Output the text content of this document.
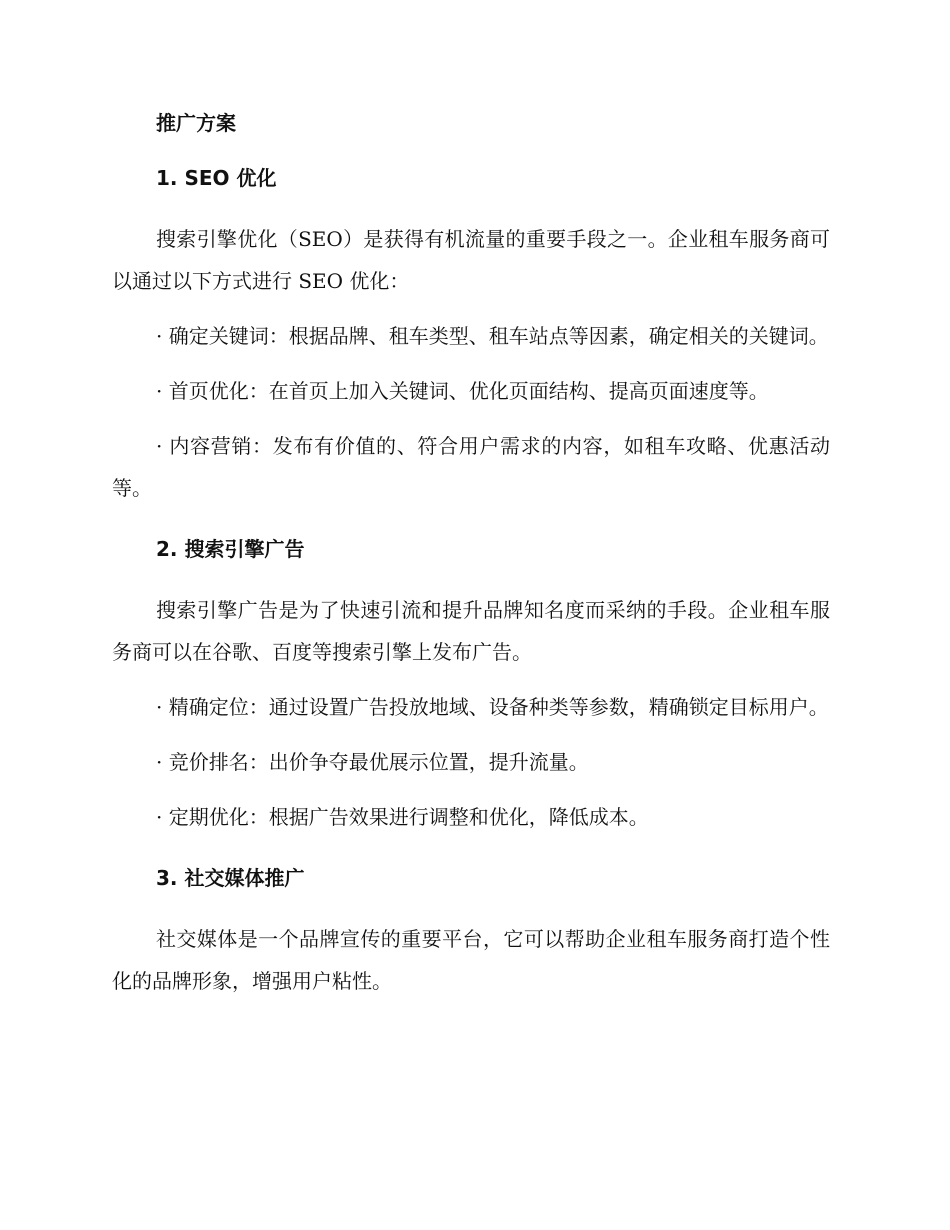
推广方案
1. SEO 优化

搜索引擎优化（SEO）是获得有机流量的重要手段之一。企业租车服务商可以通过以下方式进行 SEO 优化：

· 确定关键词：根据品牌、租车类型、租车站点等因素，确定相关的关键词。

· 首页优化：在首页上加入关键词、优化页面结构、提高页面速度等。

· 内容营销：发布有价值的、符合用户需求的内容，如租车攻略、优惠活动等。

2. 搜索引擎广告

搜索引擎广告是为了快速引流和提升品牌知名度而采纳的手段。企业租车服务商可以在谷歌、百度等搜索引擎上发布广告。

· 精确定位：通过设置广告投放地域、设备种类等参数，精确锁定目标用户。

· 竞价排名：出价争夺最优展示位置，提升流量。

· 定期优化：根据广告效果进行调整和优化，降低成本。

3. 社交媒体推广

社交媒体是一个品牌宣传的重要平台，它可以帮助企业租车服务商打造个性化的品牌形象，增强用户粘性。
